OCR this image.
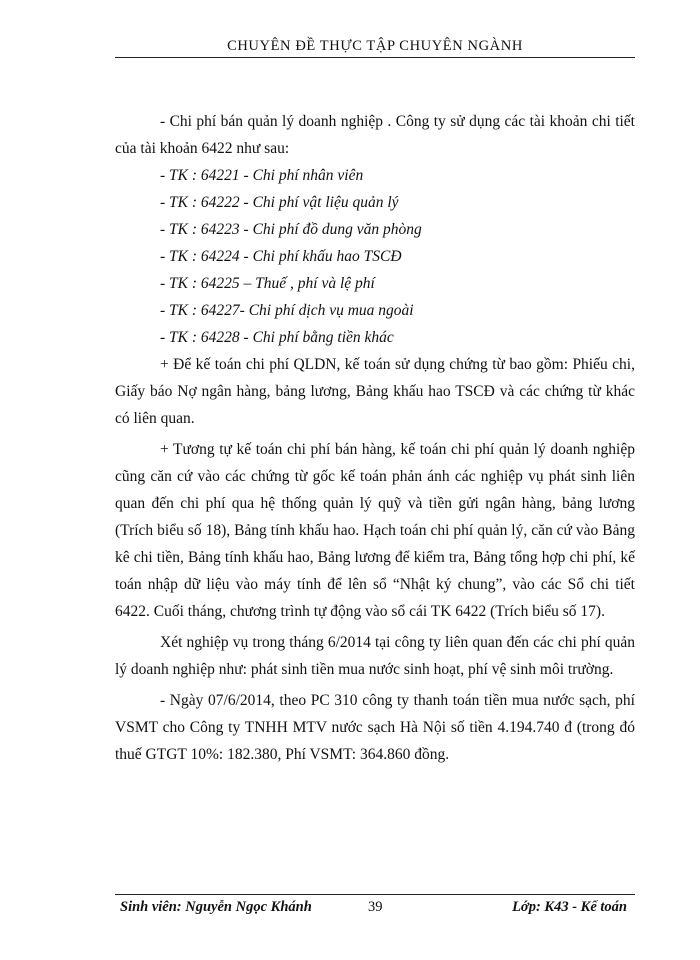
CHUYÊN ĐỀ THỰC TẬP CHUYÊN NGÀNH

- Chi phí bán quản lý doanh nghiệp . Công ty sử dụng các tài khoản chi tiết của tài khoản 6422 như sau:

- TK : 64221 - Chi phí nhân viên

- TK : 64222 - Chi phí vật liệu quản lý

- TK : 64223 - Chi phí đồ dung văn phòng

- TK : 64224 - Chi phí khấu hao TSCĐ

- TK : 64225 – Thuế , phí và lệ phí

- TK : 64227- Chi phí dịch vụ mua ngoài

- TK : 64228 - Chi phí bằng tiền khác

+ Để kế toán chi phí QLDN, kế toán sử dụng chứng từ bao gồm: Phiếu chi, Giấy báo Nợ ngân hàng, bảng lương, Bảng khấu hao TSCĐ và các chứng từ khác có liên quan.

+ Tương tự kế toán chi phí bán hàng, kế toán chi phí quản lý doanh nghiệp cũng căn cứ vào các chứng từ gốc kế toán phản ánh các nghiệp vụ phát sinh liên quan đến chi phí qua hệ thống quản lý quỹ và tiền gửi ngân hàng, bảng lương (Trích biểu số 18), Bảng tính khấu hao. Hạch toán chi phí quản lý, căn cứ vào Bảng kê chi tiền, Bảng tính khấu hao, Bảng lương để kiểm tra, Bảng tổng hợp chi phí, kế toán nhập dữ liệu vào máy tính để lên sổ “Nhật ký chung”, vào các Sổ chi tiết 6422. Cuối tháng, chương trình tự động vào sổ cái TK 6422 (Trích biểu số 17).

Xét nghiệp vụ trong tháng 6/2014 tại công ty liên quan đến các chi phí quản lý doanh nghiệp như: phát sinh tiền mua nước sinh hoạt, phí vệ sinh môi trường.

- Ngày 07/6/2014, theo PC 310 công ty thanh toán tiền mua nước sạch, phí VSMT cho Công ty TNHH MTV nước sạch Hà Nội số tiền 4.194.740 đ (trong đó thuế GTGT 10%: 182.380, Phí VSMT: 364.860 đồng.

Sinh viên: Nguyễn Ngọc Khánh	39	Lớp: K43 - Kế toán
